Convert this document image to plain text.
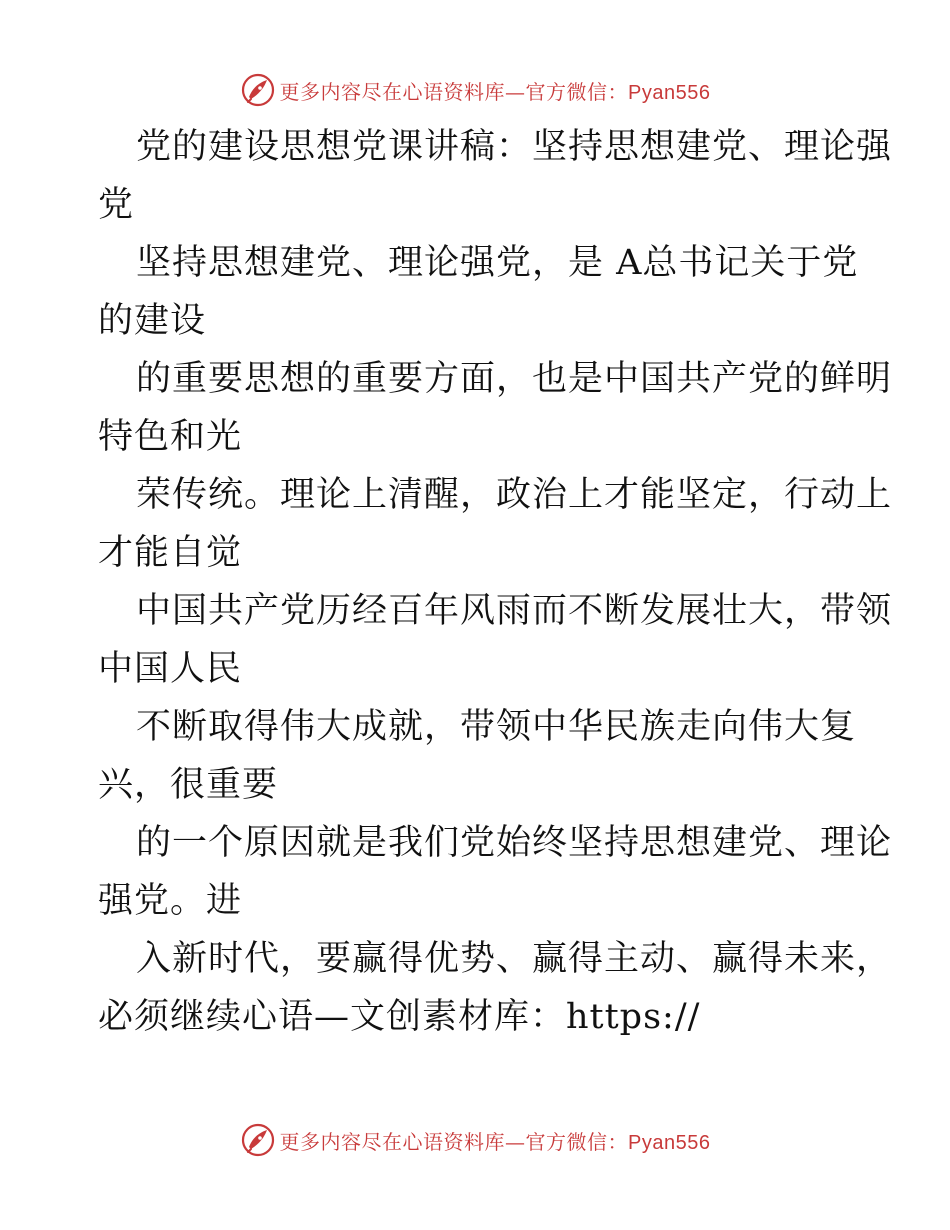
更多内容尽在心语资料库—官方微信：Pyan556
党的建设思想党课讲稿：坚持思想建党、理论强
党
坚持思想建党、理论强党，是 A总书记关于党
的建设
的重要思想的重要方面，也是中国共产党的鲜明
特色和光
荣传统。理论上清醒，政治上才能坚定，行动上
才能自觉
中国共产党历经百年风雨而不断发展壮大，带领
中国人民
不断取得伟大成就，带领中华民族走向伟大复
兴，很重要
的一个原因就是我们党始终坚持思想建党、理论
强党。进
入新时代，要赢得优势、赢得主动、赢得未来，
必须继续心语—文创素材库：https://
更多内容尽在心语资料库—官方微信：Pyan556
